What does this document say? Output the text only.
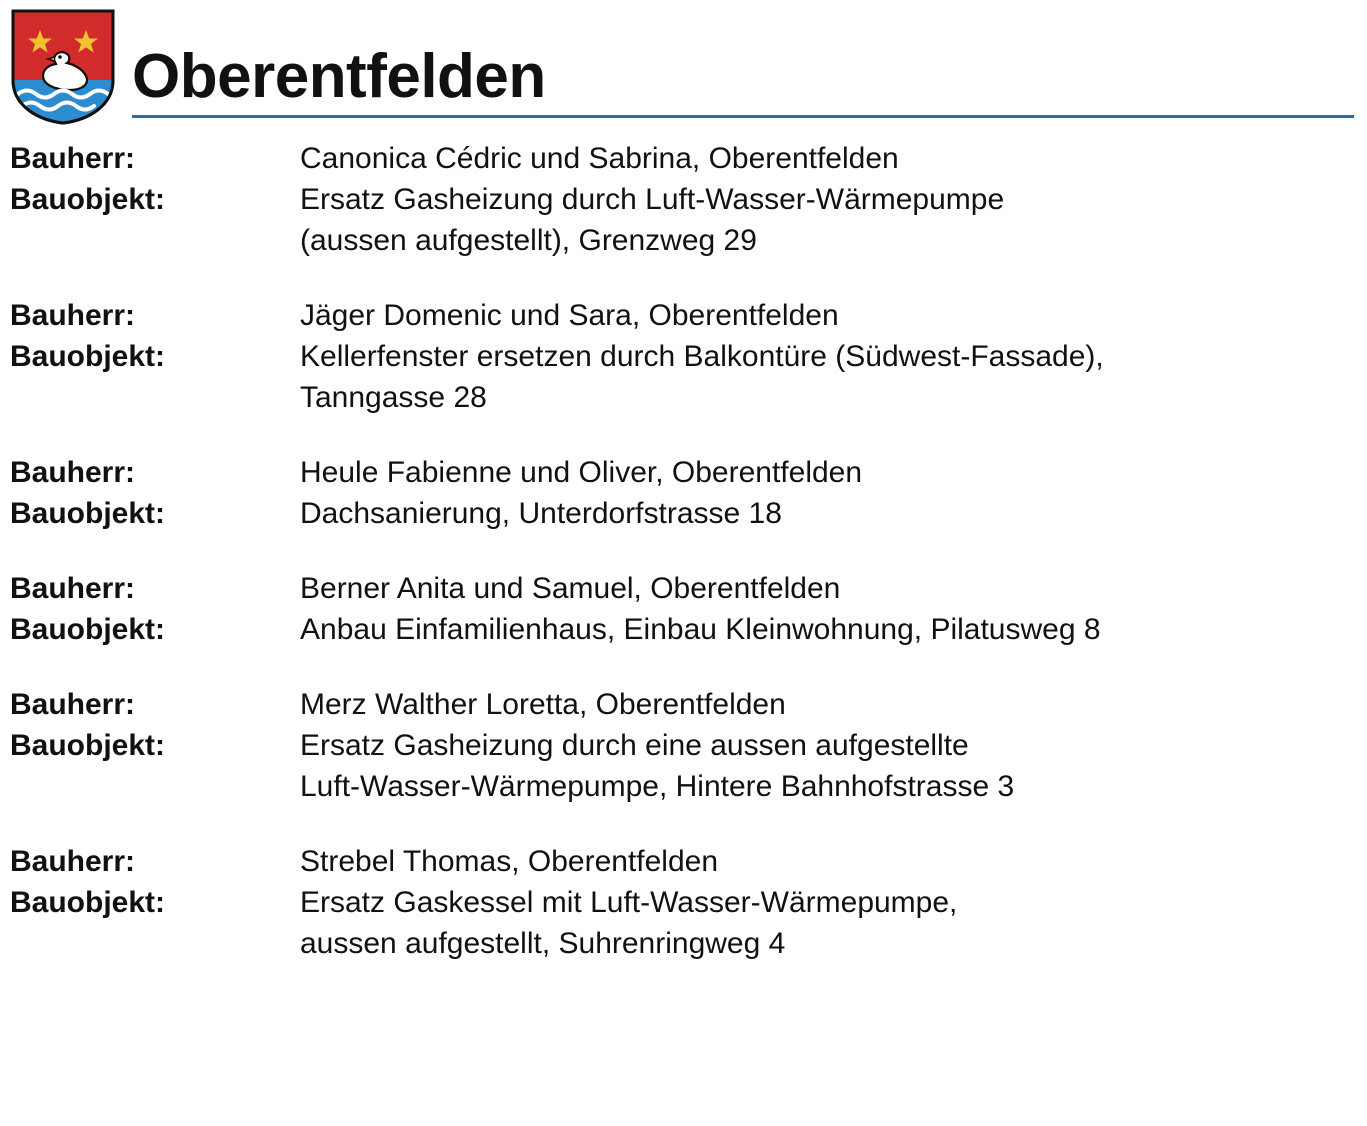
Oberentfelden
Bauherr:	Canonica Cédric und Sabrina, Oberentfelden
Bauobjekt:	Ersatz Gasheizung durch Luft-Wasser-Wärmepumpe
(aussen aufgestellt), Grenzweg 29
Bauherr:	Jäger Domenic und Sara, Oberentfelden
Bauobjekt:	Kellerfenster ersetzen durch Balkontüre (Südwest-Fassade),
Tanngasse 28
Bauherr:	Heule Fabienne und Oliver, Oberentfelden
Bauobjekt:	Dachsanierung, Unterdorfstrasse 18
Bauherr:	Berner Anita und Samuel, Oberentfelden
Bauobjekt:	Anbau Einfamilienhaus, Einbau Kleinwohnung, Pilatusweg 8
Bauherr:	Merz Walther Loretta, Oberentfelden
Bauobjekt:	Ersatz Gasheizung durch eine aussen aufgestellte
Luft-Wasser-Wärmepumpe, Hintere Bahnhofstrasse 3
Bauherr:	Strebel Thomas, Oberentfelden
Bauobjekt:	Ersatz Gaskessel mit Luft-Wasser-Wärmepumpe,
aussen aufgestellt, Suhrenringweg 4
